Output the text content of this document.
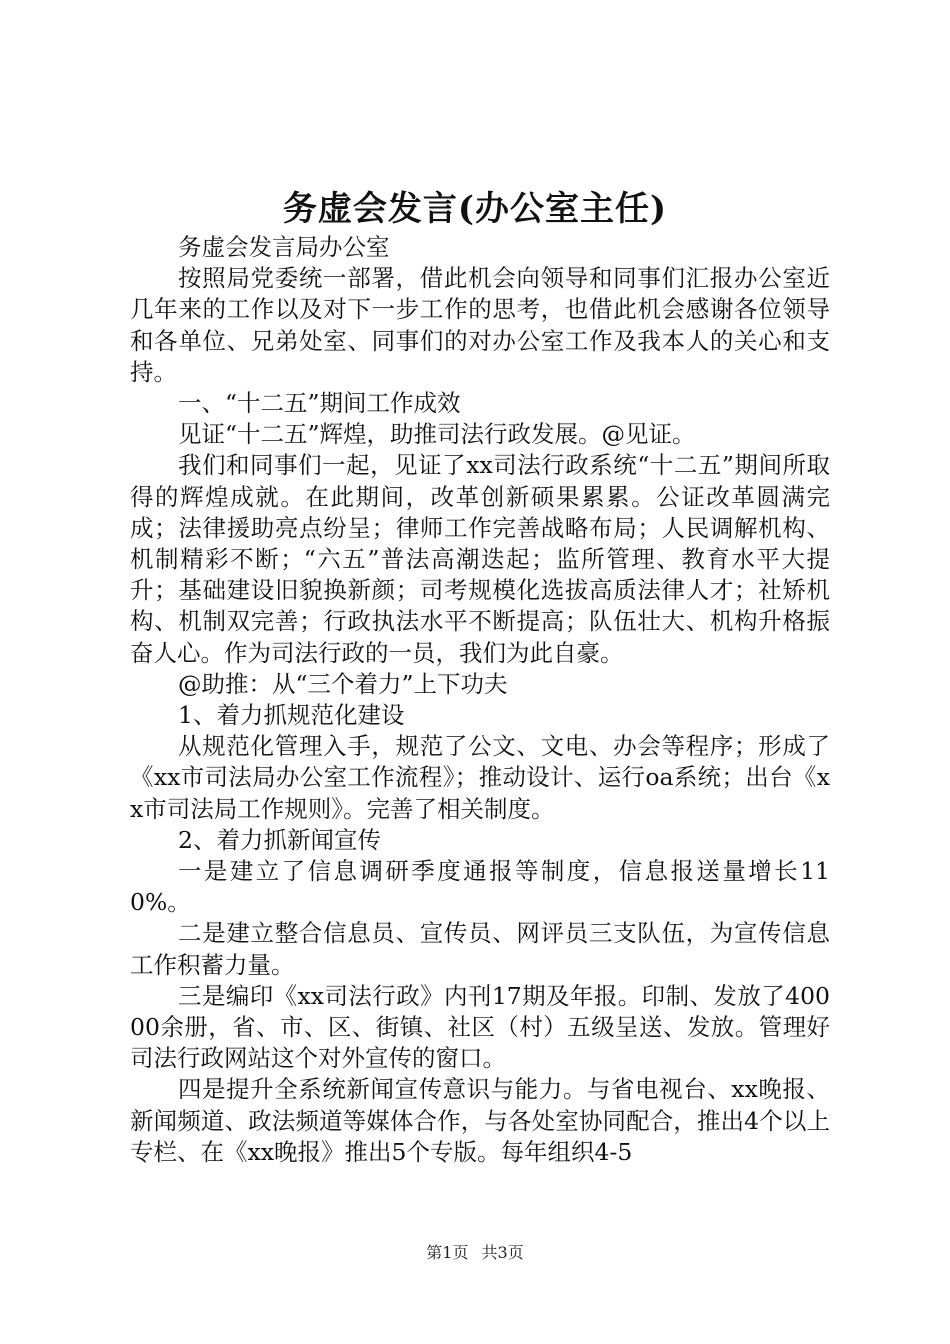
务虚会发言(办公室主任)

务虚会发言局办公室

按照局党委统一部署，借此机会向领导和同事们汇报办公室近几年来的工作以及对下一步工作的思考，也借此机会感谢各位领导和各单位、兄弟处室、同事们的对办公室工作及我本人的关心和支持。

一、“十二五”期间工作成效

见证“十二五”辉煌，助推司法行政发展。@见证。

我们和同事们一起，见证了xx司法行政系统“十二五”期间所取得的辉煌成就。在此期间，改革创新硕果累累。公证改革圆满完成；法律援助亮点纷呈；律师工作完善战略布局；人民调解机构、机制精彩不断；“六五”普法高潮迭起；监所管理、教育水平大提升；基础建设旧貌换新颜；司考规模化选拔高质法律人才；社矫机构、机制双完善；行政执法水平不断提高；队伍壮大、机构升格振奋人心。作为司法行政的一员，我们为此自豪。

@助推：从“三个着力”上下功夫

1、着力抓规范化建设

从规范化管理入手，规范了公文、文电、办会等程序；形成了《xx市司法局办公室工作流程》；推动设计、运行oa系统；出台《xx市司法局工作规则》。完善了相关制度。

2、着力抓新闻宣传

一是建立了信息调研季度通报等制度，信息报送量增长110%。

二是建立整合信息员、宣传员、网评员三支队伍，为宣传信息工作积蓄力量。

三是编印《xx司法行政》内刊17期及年报。印制、发放了40000余册，省、市、区、街镇、社区（村）五级呈送、发放。管理好司法行政网站这个对外宣传的窗口。

四是提升全系统新闻宣传意识与能力。与省电视台、xx晚报、新闻频道、政法频道等媒体合作，与各处室协同配合，推出4个以上专栏、在《xx晚报》推出5个专版。每年组织4-5

第1页 共3页
